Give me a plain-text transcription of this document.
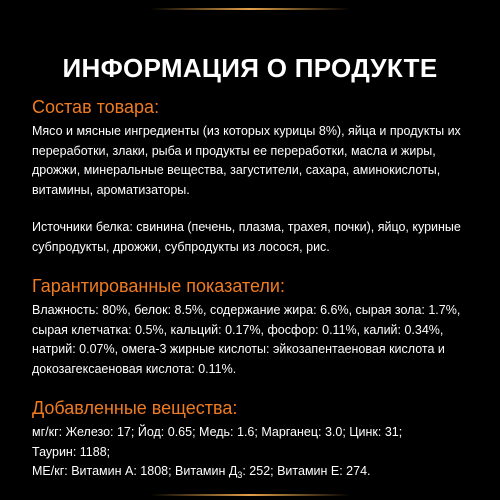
ИНФОРМАЦИЯ О ПРОДУКТЕ
Состав товара:

Мясо и мясные ингредиенты (из которых курицы 8%), яйца и продукты их переработки, злаки, рыба и продукты ее переработки, масла и жиры, дрожжи, минеральные вещества, загустители, сахара, аминокислоты, витамины, ароматизаторы.

Источники белка: свинина (печень, плазма, трахея, почки), яйцо, куриные субпродукты, дрожжи, субпродукты из лосося, рис.

Гарантированные показатели:

Влажность: 80%, белок: 8.5%, содержание жира: 6.6%, сырая зола: 1.7%, сырая клетчатка: 0.5%, кальций: 0.17%, фосфор: 0.11%, калий: 0.34%, натрий: 0.07%, омега-3 жирные кислоты: эйкозапентаеновая кислота и докозагексаеновая кислота: 0.11%.

Добавленные вещества:

мг/кг: Железо: 17; Йод: 0.65; Медь: 1.6; Марганец: 3.0; Цинк: 31;

Таурин: 1188;

МЕ/кг: Витамин А: 1808; Витамин $Д_3$: 252; Витамин Е: 274.
